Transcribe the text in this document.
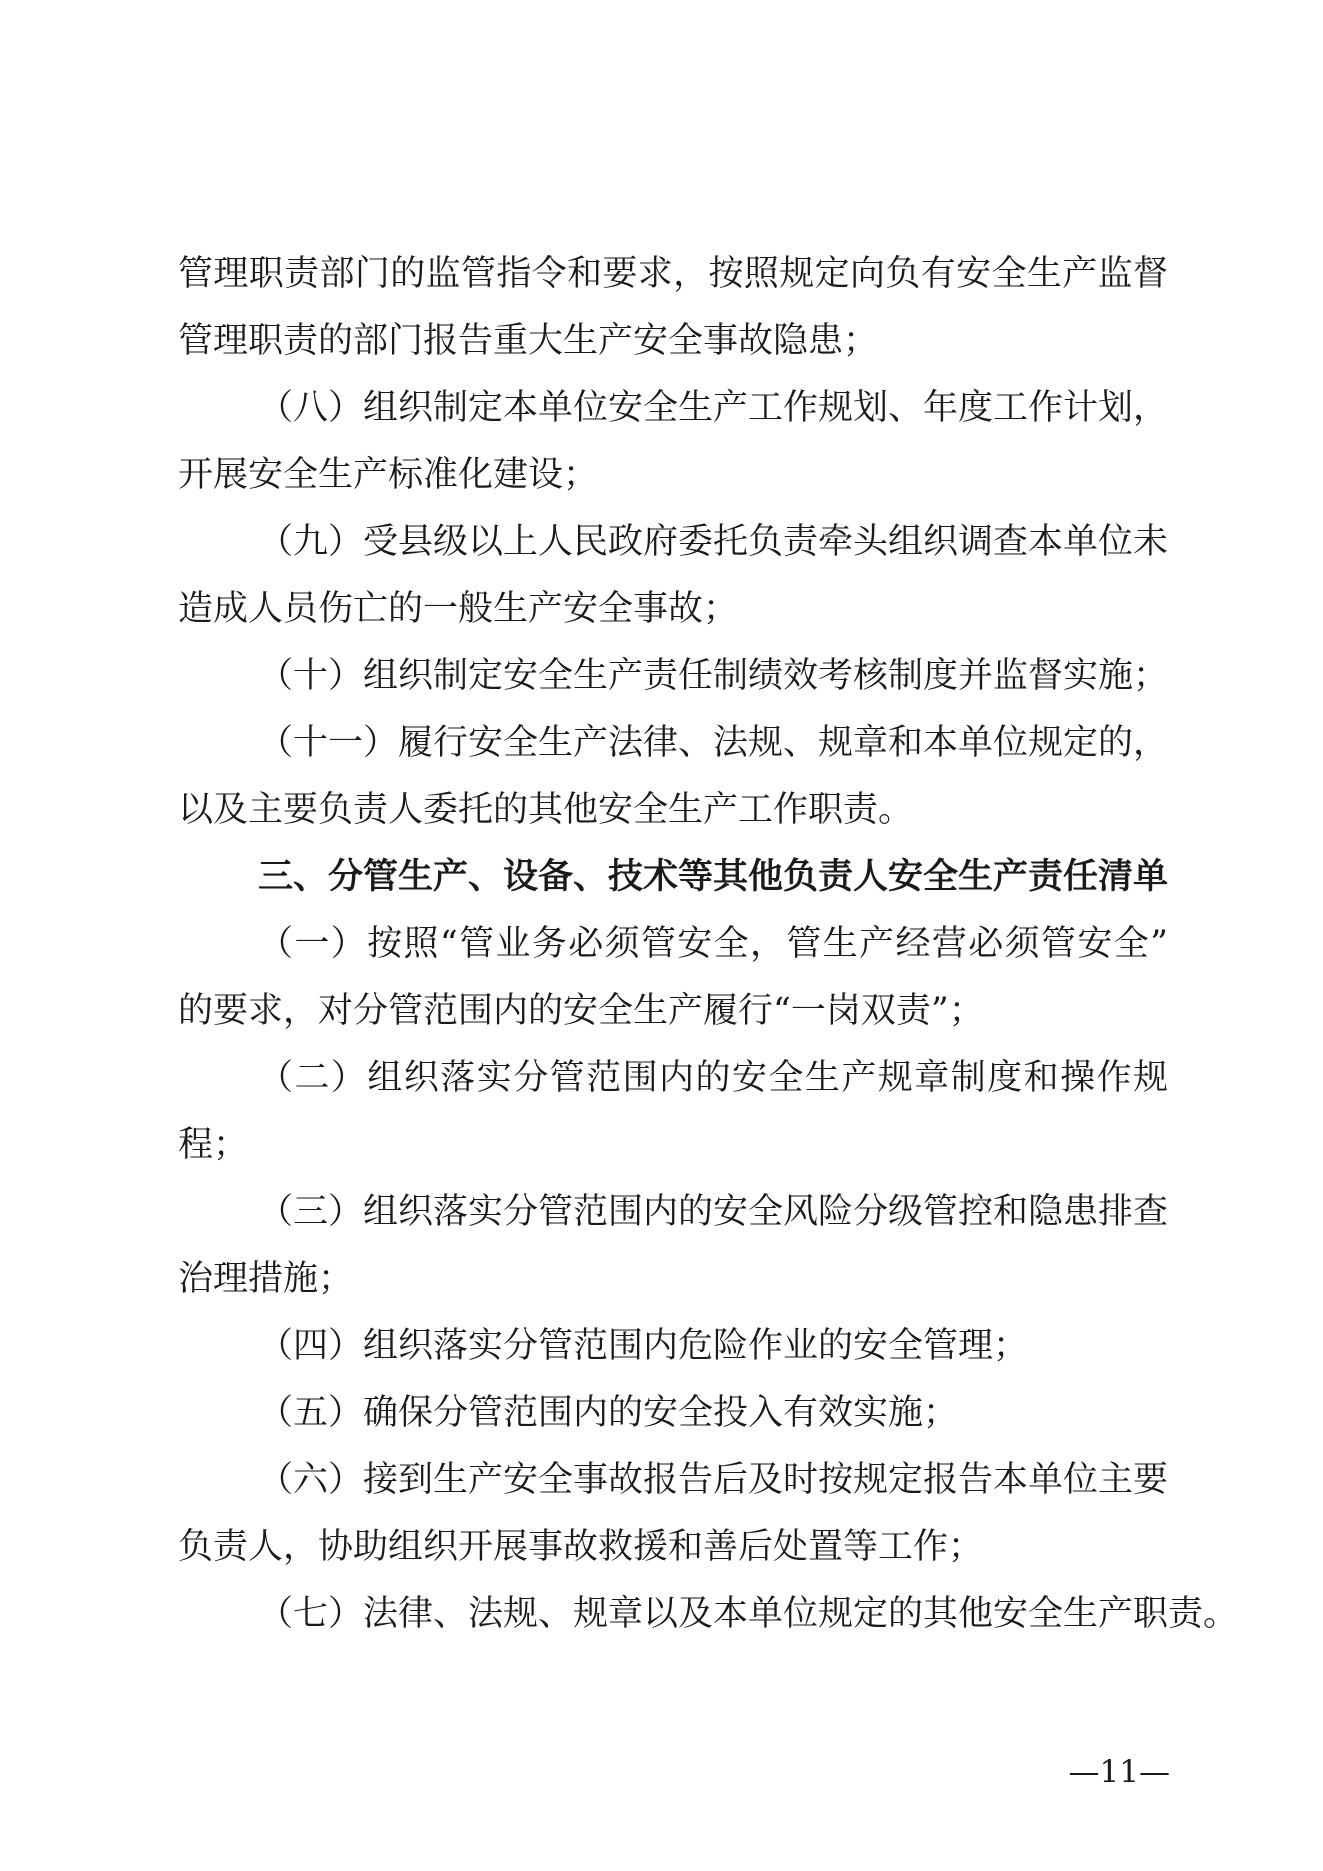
管理职责部门的监管指令和要求，按照规定向负有安全生产监督
管理职责的部门报告重大生产安全事故隐患；
（八）组织制定本单位安全生产工作规划、年度工作计划，
开展安全生产标准化建设；
（九）受县级以上人民政府委托负责牵头组织调查本单位未
造成人员伤亡的一般生产安全事故；
（十）组织制定安全生产责任制绩效考核制度并监督实施；
（十一）履行安全生产法律、法规、规章和本单位规定的，
以及主要负责人委托的其他安全生产工作职责。
三、分管生产、设备、技术等其他负责人安全生产责任清单
（一）按照“管业务必须管安全，管生产经营必须管安全”
的要求，对分管范围内的安全生产履行“一岗双责”；
（二）组织落实分管范围内的安全生产规章制度和操作规
程；
（三）组织落实分管范围内的安全风险分级管控和隐患排查
治理措施；
（四）组织落实分管范围内危险作业的安全管理；
（五）确保分管范围内的安全投入有效实施；
（六）接到生产安全事故报告后及时按规定报告本单位主要
负责人，协助组织开展事故救援和善后处置等工作；
（七）法律、法规、规章以及本单位规定的其他安全生产职责。
—11—
